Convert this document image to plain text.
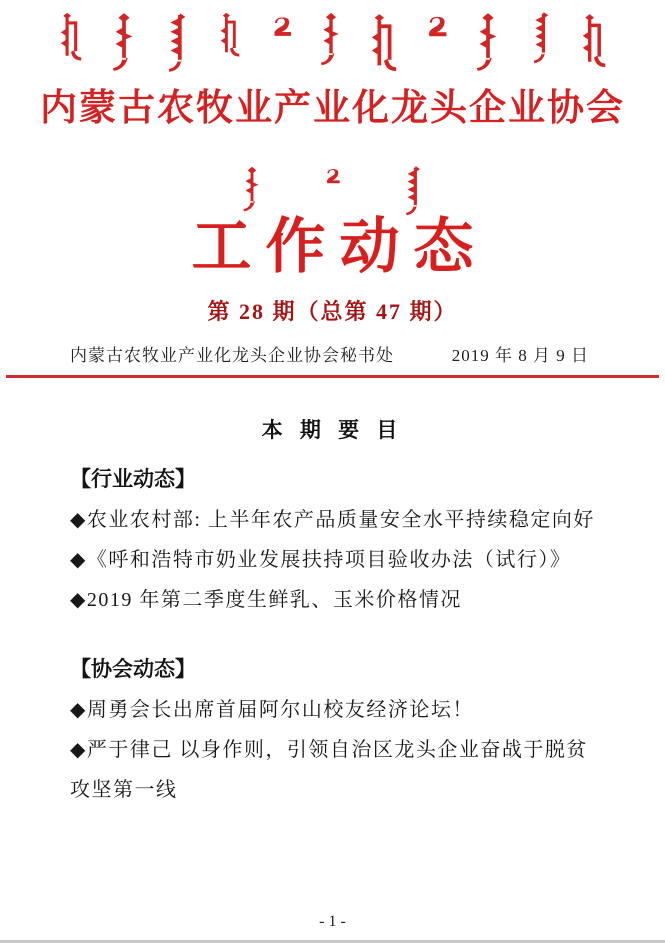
内蒙古农牧业产业化龙头企业协会
工作动态
第 28 期（总第 47 期）
内蒙古农牧业产业化龙头企业协会秘书处	2019 年 8 月 9 日
本 期 要 目

【行业动态】

◆农业农村部: 上半年农产品质量安全水平持续稳定向好

◆《呼和浩特市奶业发展扶持项目验收办法（试行）》

◆2019 年第二季度生鲜乳、玉米价格情况

【协会动态】

◆周勇会长出席首届阿尔山校友经济论坛！

◆严于律己 以身作则，引领自治区龙头企业奋战于脱贫攻坚第一线

- 1 -
